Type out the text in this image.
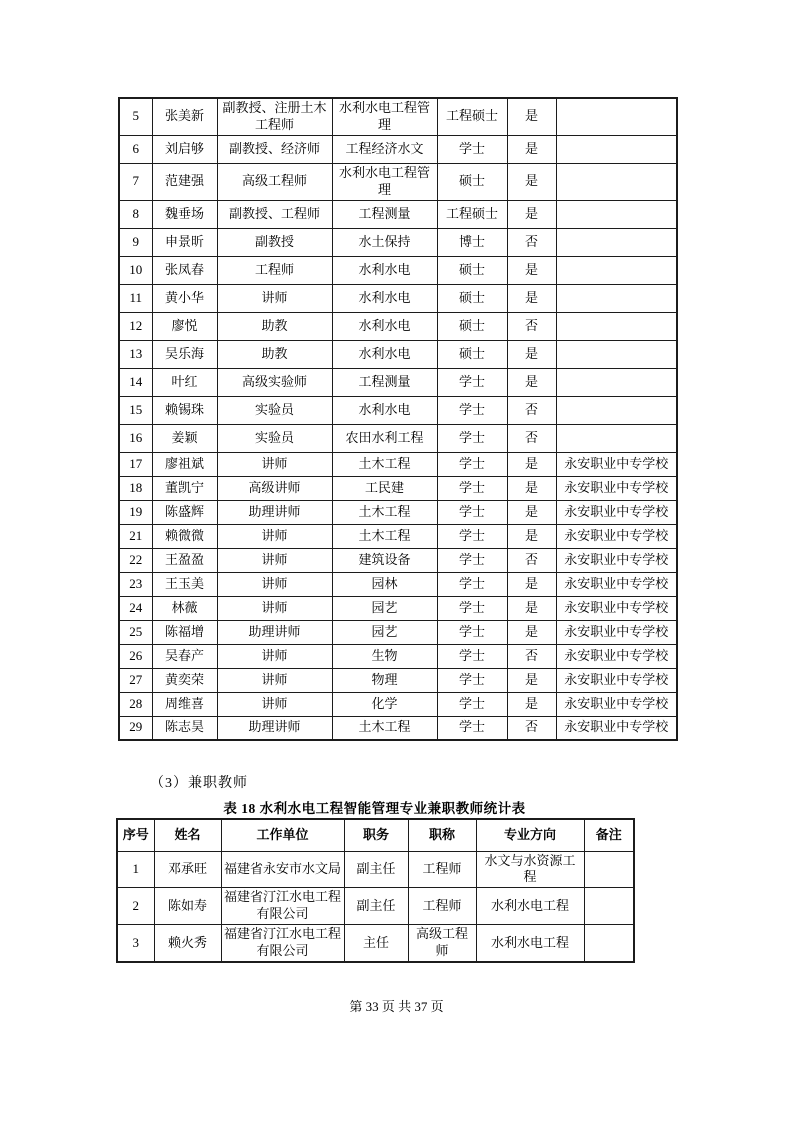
5	张美新	副教授、注册土木工程师	水利水电工程管理	工程硕士	是	
6	刘启够	副教授、经济师	工程经济水文	学士	是	
7	范建强	高级工程师	水利水电工程管理	硕士	是	
8	魏垂场	副教授、工程师	工程测量	工程硕士	是	
9	申景昕	副教授	水土保持	博士	否	
10	张凤春	工程师	水利水电	硕士	是	
11	黄小华	讲师	水利水电	硕士	是	
12	廖悦	助教	水利水电	硕士	否	
13	吴乐海	助教	水利水电	硕士	是	
14	叶红	高级实验师	工程测量	学士	是	
15	赖锡珠	实验员	水利水电	学士	否	
16	姜颖	实验员	农田水利工程	学士	否	
17	廖祖斌	讲师	土木工程	学士	是	永安职业中专学校
18	董凯宁	高级讲师	工民建	学士	是	永安职业中专学校
19	陈盛辉	助理讲师	土木工程	学士	是	永安职业中专学校
21	赖微微	讲师	土木工程	学士	是	永安职业中专学校
22	王盈盈	讲师	建筑设备	学士	否	永安职业中专学校
23	王玉美	讲师	园林	学士	是	永安职业中专学校
24	林薇	讲师	园艺	学士	是	永安职业中专学校
25	陈福增	助理讲师	园艺	学士	是	永安职业中专学校
26	吴春产	讲师	生物	学士	否	永安职业中专学校
27	黄奕荣	讲师	物理	学士	是	永安职业中专学校
28	周维喜	讲师	化学	学士	是	永安职业中专学校
29	陈志昊	助理讲师	土木工程	学士	否	永安职业中专学校
（3）兼职教师
表 18 水利水电工程智能管理专业兼职教师统计表
序号	姓名	工作单位	职务	职称	专业方向	备注
1	邓承旺	福建省永安市水文局	副主任	工程师	水文与水资源工程	
2	陈如寿	福建省汀江水电工程有限公司	副主任	工程师	水利水电工程	
3	赖火秀	福建省汀江水电工程有限公司	主任	高级工程师	水利水电工程	
第 33 页 共 37 页
